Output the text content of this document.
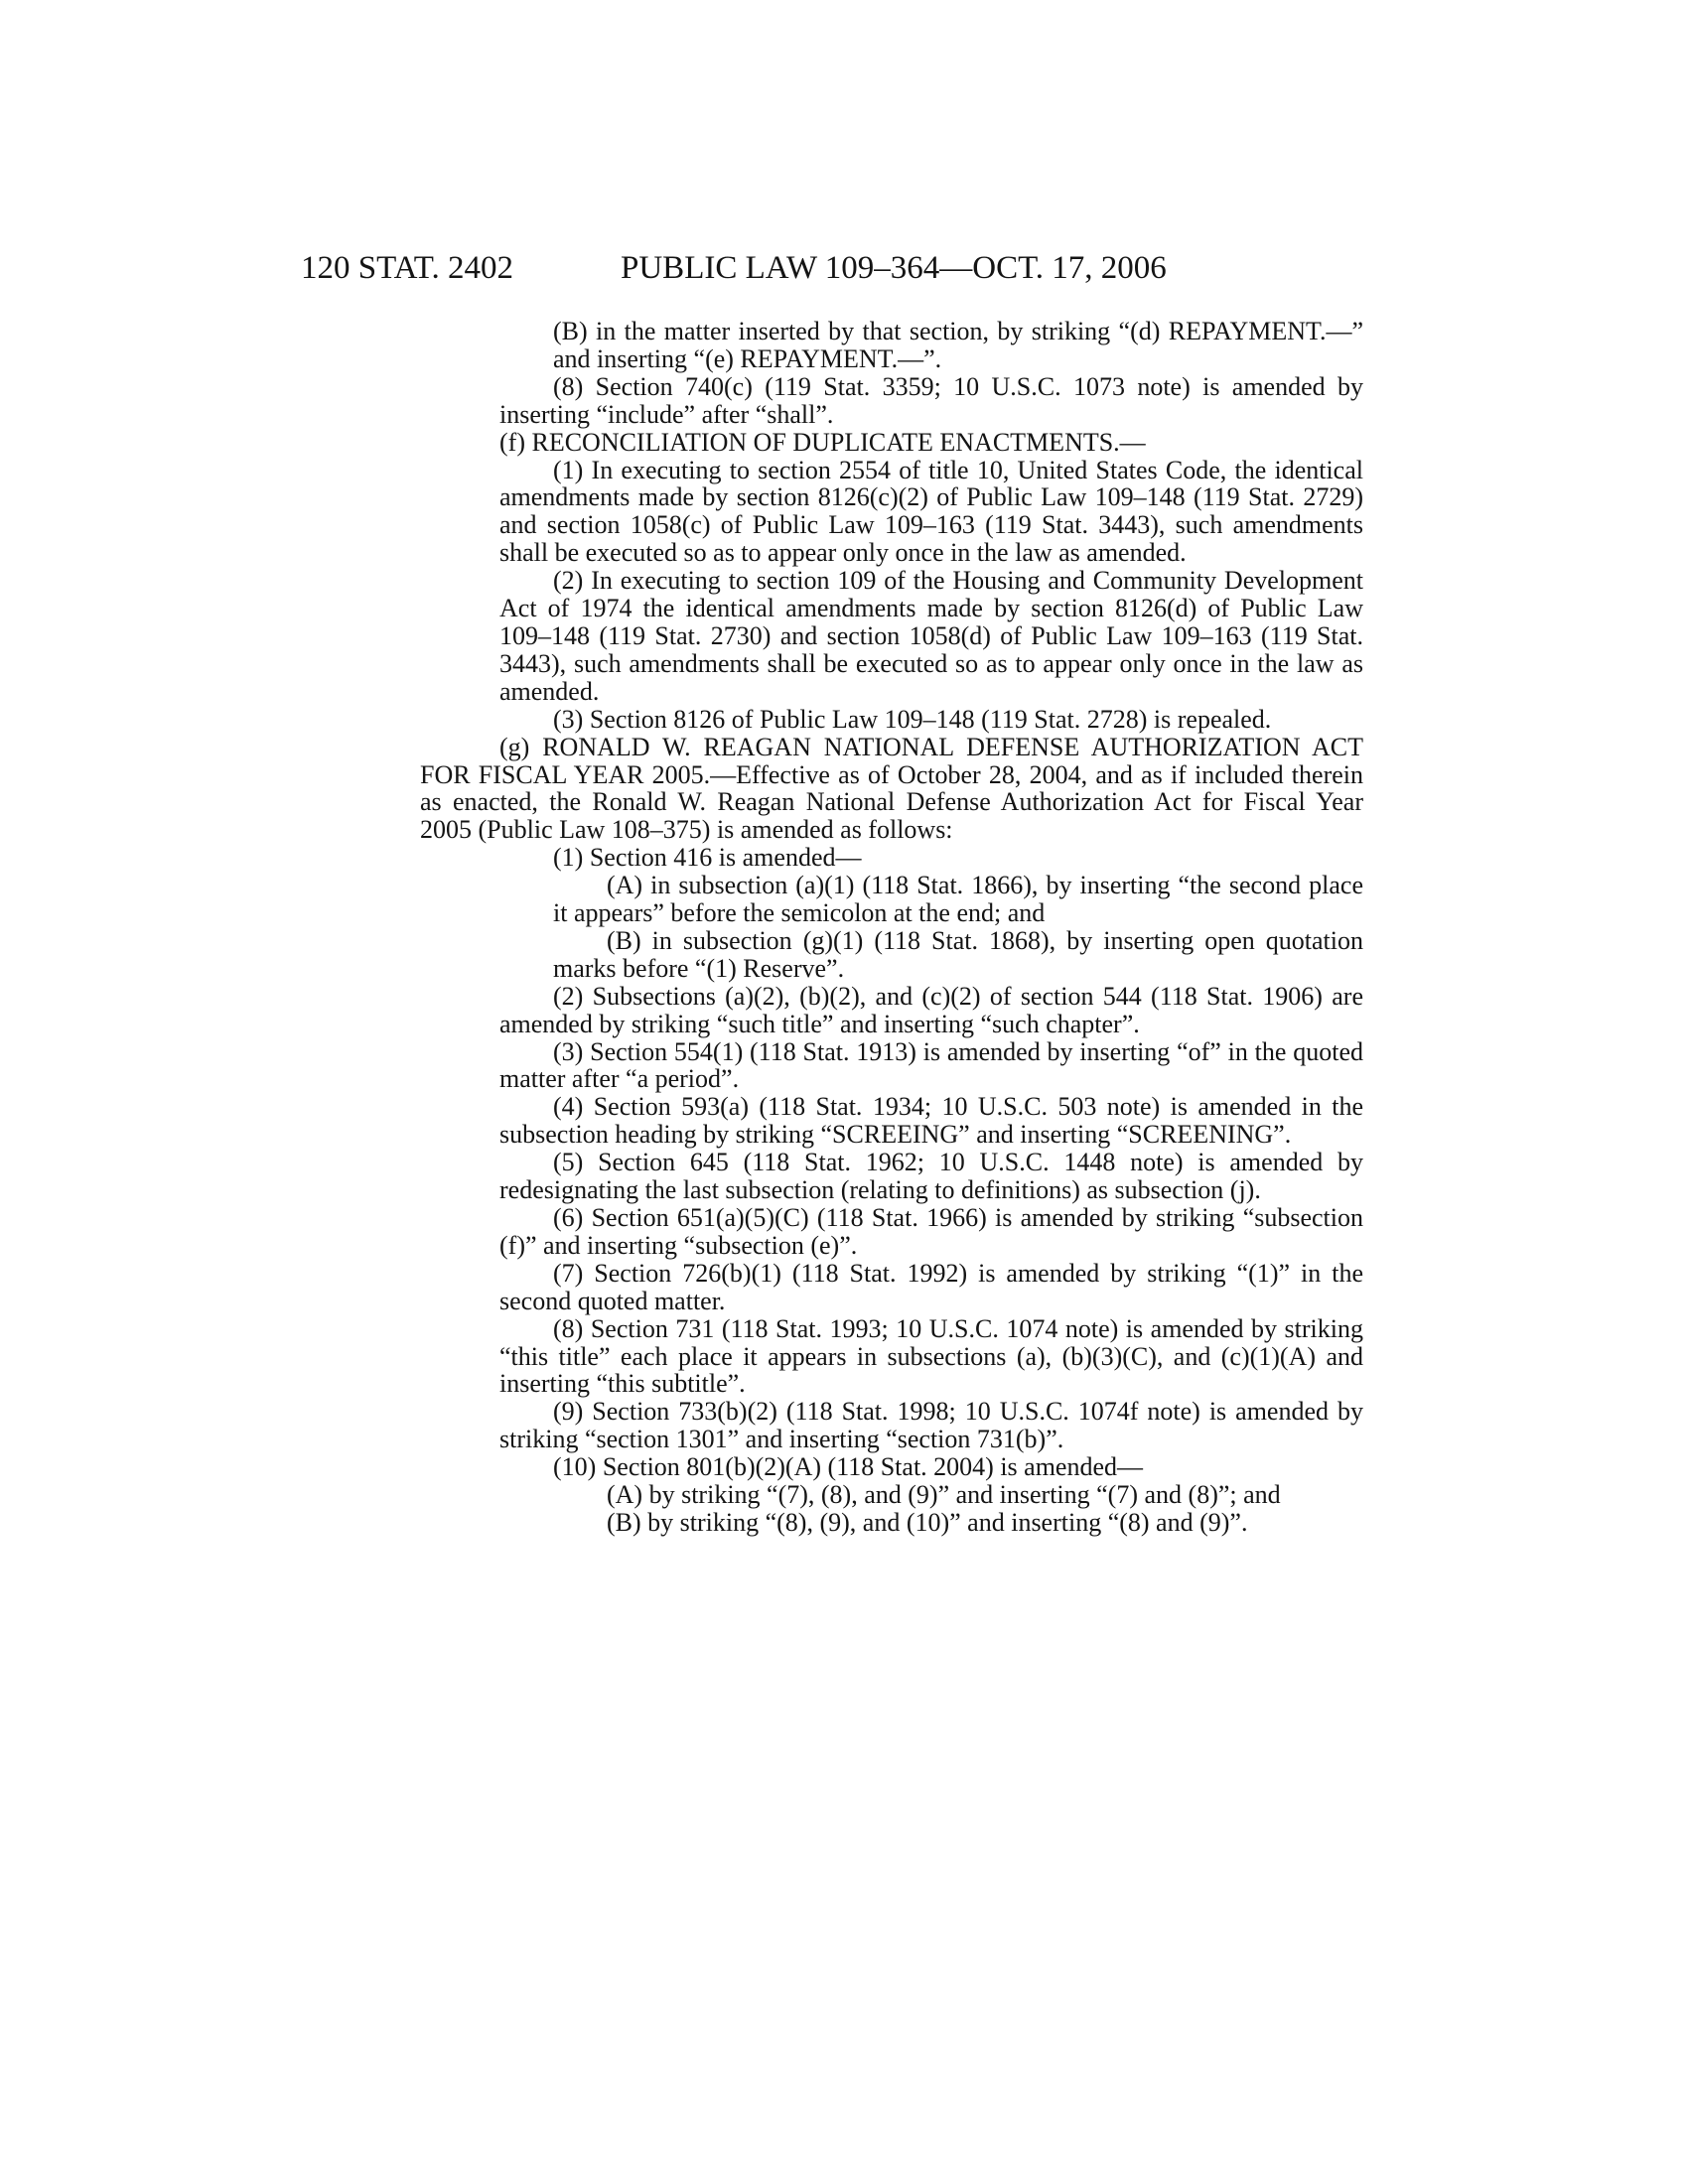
120 STAT. 2402	PUBLIC LAW 109–364—OCT. 17, 2006
(B) in the matter inserted by that section, by striking “(d) REPAYMENT.—” and inserting “(e) REPAYMENT.—”.
(8) Section 740(c) (119 Stat. 3359; 10 U.S.C. 1073 note) is amended by inserting “include” after “shall”.
(f) RECONCILIATION OF DUPLICATE ENACTMENTS.—
(1) In executing to section 2554 of title 10, United States Code, the identical amendments made by section 8126(c)(2) of Public Law 109–148 (119 Stat. 2729) and section 1058(c) of Public Law 109–163 (119 Stat. 3443), such amendments shall be executed so as to appear only once in the law as amended.
(2) In executing to section 109 of the Housing and Community Development Act of 1974 the identical amendments made by section 8126(d) of Public Law 109–148 (119 Stat. 2730) and section 1058(d) of Public Law 109–163 (119 Stat. 3443), such amendments shall be executed so as to appear only once in the law as amended.
(3) Section 8126 of Public Law 109–148 (119 Stat. 2728) is repealed.
(g) RONALD W. REAGAN NATIONAL DEFENSE AUTHORIZATION ACT FOR FISCAL YEAR 2005.—Effective as of October 28, 2004, and as if included therein as enacted, the Ronald W. Reagan National Defense Authorization Act for Fiscal Year 2005 (Public Law 108–375) is amended as follows:
(1) Section 416 is amended—
(A) in subsection (a)(1) (118 Stat. 1866), by inserting “the second place it appears” before the semicolon at the end; and
(B) in subsection (g)(1) (118 Stat. 1868), by inserting open quotation marks before “(1) Reserve”.
(2) Subsections (a)(2), (b)(2), and (c)(2) of section 544 (118 Stat. 1906) are amended by striking “such title” and inserting “such chapter”.
(3) Section 554(1) (118 Stat. 1913) is amended by inserting “of” in the quoted matter after “a period”.
(4) Section 593(a) (118 Stat. 1934; 10 U.S.C. 503 note) is amended in the subsection heading by striking “SCREEING” and inserting “SCREENING”.
(5) Section 645 (118 Stat. 1962; 10 U.S.C. 1448 note) is amended by redesignating the last subsection (relating to definitions) as subsection (j).
(6) Section 651(a)(5)(C) (118 Stat. 1966) is amended by striking “subsection (f)” and inserting “subsection (e)”.
(7) Section 726(b)(1) (118 Stat. 1992) is amended by striking “(1)” in the second quoted matter.
(8) Section 731 (118 Stat. 1993; 10 U.S.C. 1074 note) is amended by striking “this title” each place it appears in subsections (a), (b)(3)(C), and (c)(1)(A) and inserting “this subtitle”.
(9) Section 733(b)(2) (118 Stat. 1998; 10 U.S.C. 1074f note) is amended by striking “section 1301” and inserting “section 731(b)”.
(10) Section 801(b)(2)(A) (118 Stat. 2004) is amended—
(A) by striking “(7), (8), and (9)” and inserting “(7) and (8)”; and
(B) by striking “(8), (9), and (10)” and inserting “(8) and (9)”.
